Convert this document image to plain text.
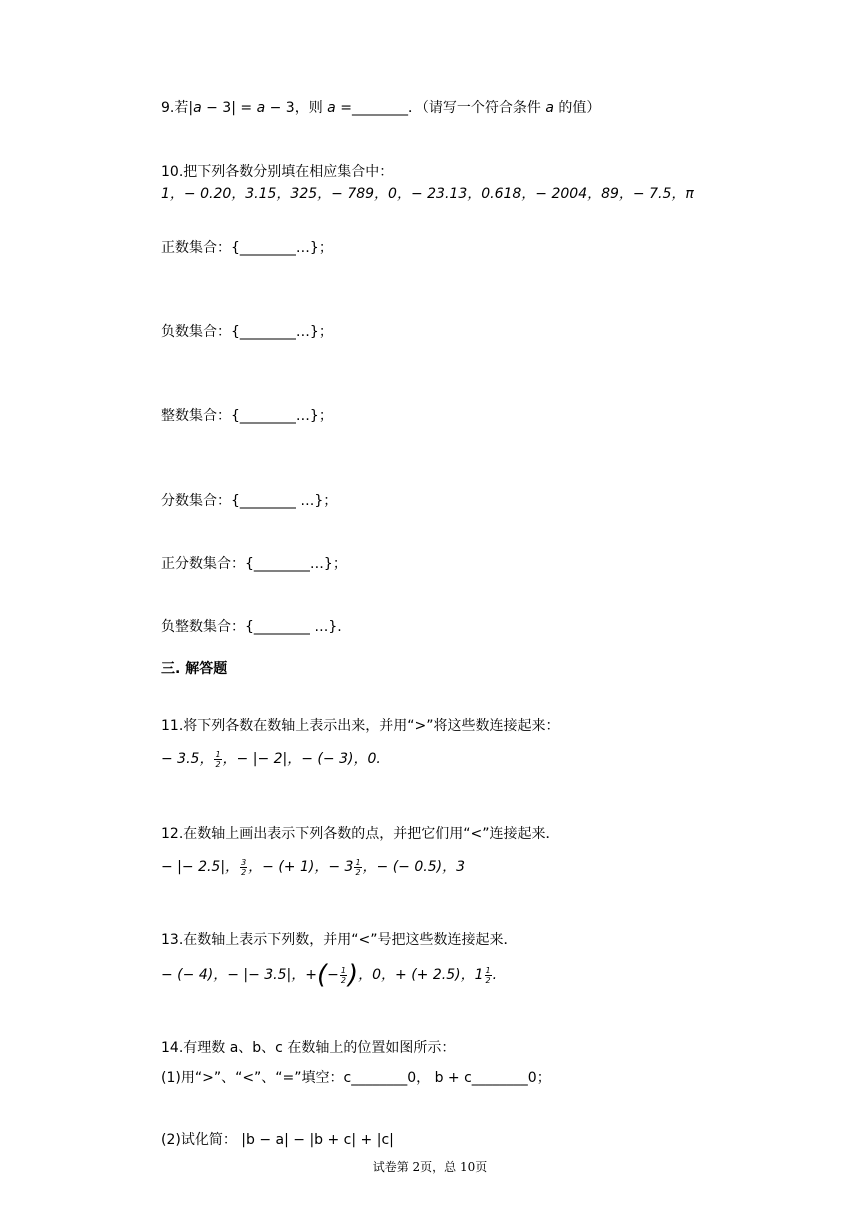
9.若|a − 3| = a − 3，则 a =________．（请写一个符合条件 a 的值）
10.把下列各数分别填在相应集合中：
1，− 0.20，3.15，325，− 789，0，− 23.13，0.618，− 2004，89，− 7.5，π
正数集合：{________…}；
负数集合：{________…}；
整数集合：{________…}；
分数集合：{________ …}；
正分数集合：{________…}；
负整数集合：{________ …}.
三. 解答题
11.将下列各数在数轴上表示出来，并用“>”将这些数连接起来：
− 3.5， $\frac{1}{2}$ ，− |− 2|，− (− 3)，0.
12.在数轴上画出表示下列各数的点，并把它们用“<”连接起来．
− |− 2.5|， $\frac{3}{2}$ ，− (+ 1)，− $3 \frac{1}{2}$ ，− (− 0.5)，3
13.在数轴上表示下列数，并用“<”号把这些数连接起来．
− (− 4)，− |− 3.5|，+(− $\frac{1}{2}$ )，0，+ (+ 2.5)，$1 \frac{1}{2}$ .
14.有理数 a、b、c 在数轴上的位置如图所示：
(1)用“>”、“<”、“=”填空：c________0， b + c________0；
(2)试化简： |b − a| − |b + c| + |c|
试卷第 2页，总 10页
